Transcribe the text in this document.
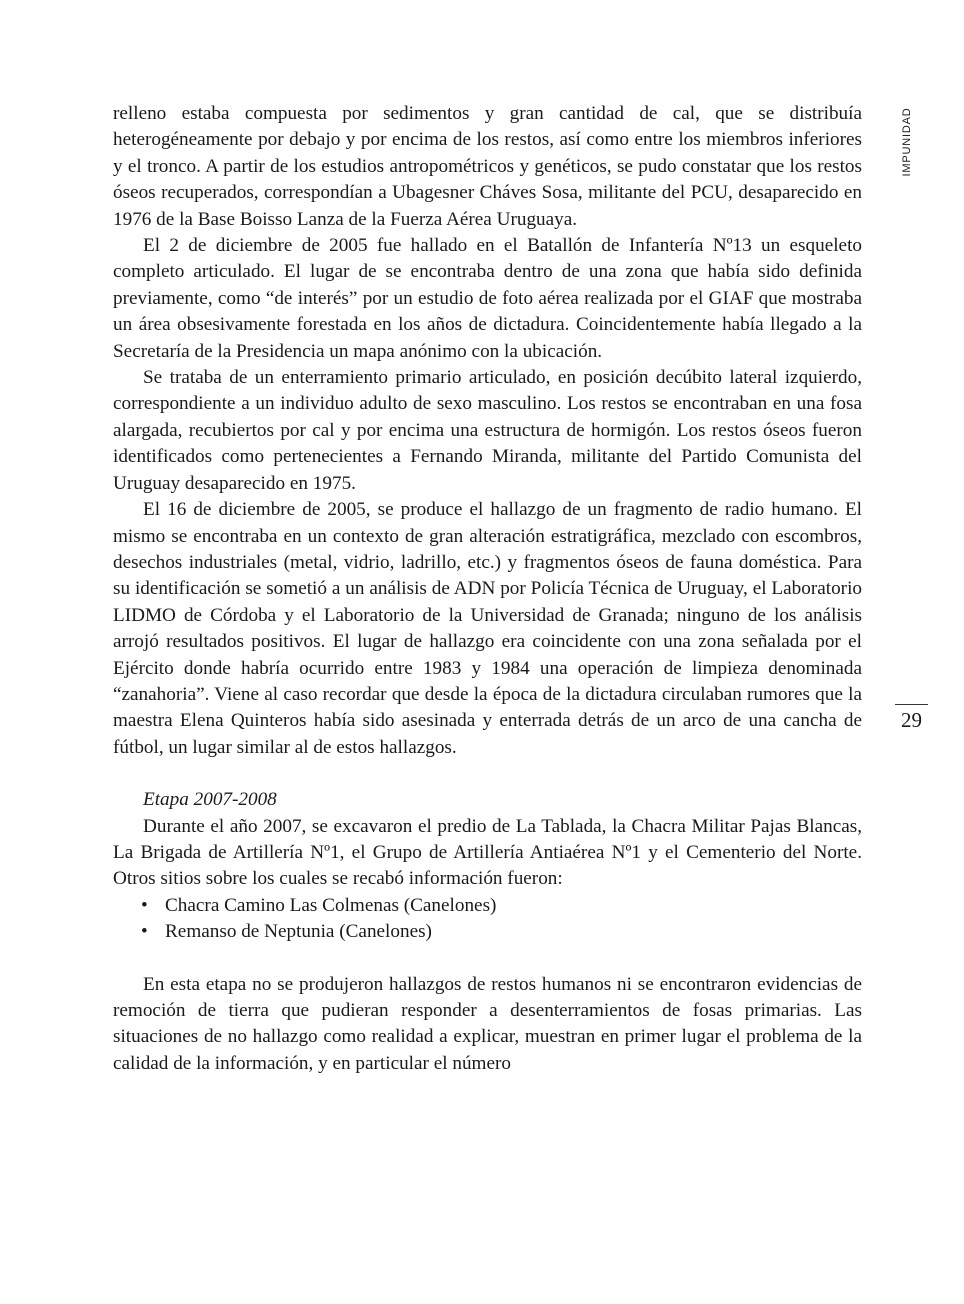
IMPUNIDAD
29

relleno estaba compuesta por sedimentos y gran cantidad de cal, que se distribuía heterogéneamente por debajo y por encima de los restos, así como entre los miembros inferiores y el tronco. A partir de los estudios antropométricos y genéticos, se pudo constatar que los restos óseos recuperados, correspondían a Ubagesner Cháves Sosa, militante del PCU, desaparecido en 1976 de la Base Boisso Lanza de la Fuerza Aérea Uruguaya.

El 2 de diciembre de 2005 fue hallado en el Batallón de Infantería Nº13 un esqueleto completo articulado. El lugar de se encontraba dentro de una zona que había sido definida previamente, como “de interés” por un estudio de foto aérea realizada por el GIAF que mostraba un área obsesivamente forestada en los años de dictadura. Coincidentemente había llegado a la Secretaría de la Presidencia un mapa anónimo con la ubicación.

Se trataba de un enterramiento primario articulado, en posición decúbito lateral izquierdo, correspondiente a un individuo adulto de sexo masculino. Los restos se encontraban en una fosa alargada, recubiertos por cal y por encima una estructura de hormigón. Los restos óseos fueron identificados como pertenecientes a Fernando Miranda, militante del Partido Comunista del Uruguay desaparecido en 1975.

El 16 de diciembre de 2005, se produce el hallazgo de un fragmento de radio humano. El mismo se encontraba en un contexto de gran alteración estratigráfica, mezclado con escombros, desechos industriales (metal, vidrio, ladrillo, etc.) y fragmentos óseos de fauna doméstica. Para su identificación se sometió a un análisis de ADN por Policía Técnica de Uruguay, el Laboratorio LIDMO de Córdoba y el Laboratorio de la Universidad de Granada; ninguno de los análisis arrojó resultados positivos. El lugar de hallazgo era coincidente con una zona señalada por el Ejército donde habría ocurrido entre 1983 y 1984 una operación de limpieza denominada “zanahoria”. Viene al caso recordar que desde la época de la dictadura circulaban rumores que la maestra Elena Quinteros había sido asesinada y enterrada detrás de un arco de una cancha de fútbol, un lugar similar al de estos hallazgos.

Etapa 2007-2008

Durante el año 2007, se excavaron el predio de La Tablada, la Chacra Militar Pajas Blancas, La Brigada de Artillería Nº1, el Grupo de Artillería Antiaérea Nº1 y el Cementerio del Norte. Otros sitios sobre los cuales se recabó información fueron:

• Chacra Camino Las Colmenas (Canelones)
• Remanso de Neptunia (Canelones)

En esta etapa no se produjeron hallazgos de restos humanos ni se encontraron evidencias de remoción de tierra que pudieran responder a desenterramientos de fosas primarias. Las situaciones de no hallazgo como realidad a explicar, muestran en primer lugar el problema de la calidad de la información, y en particular el número
